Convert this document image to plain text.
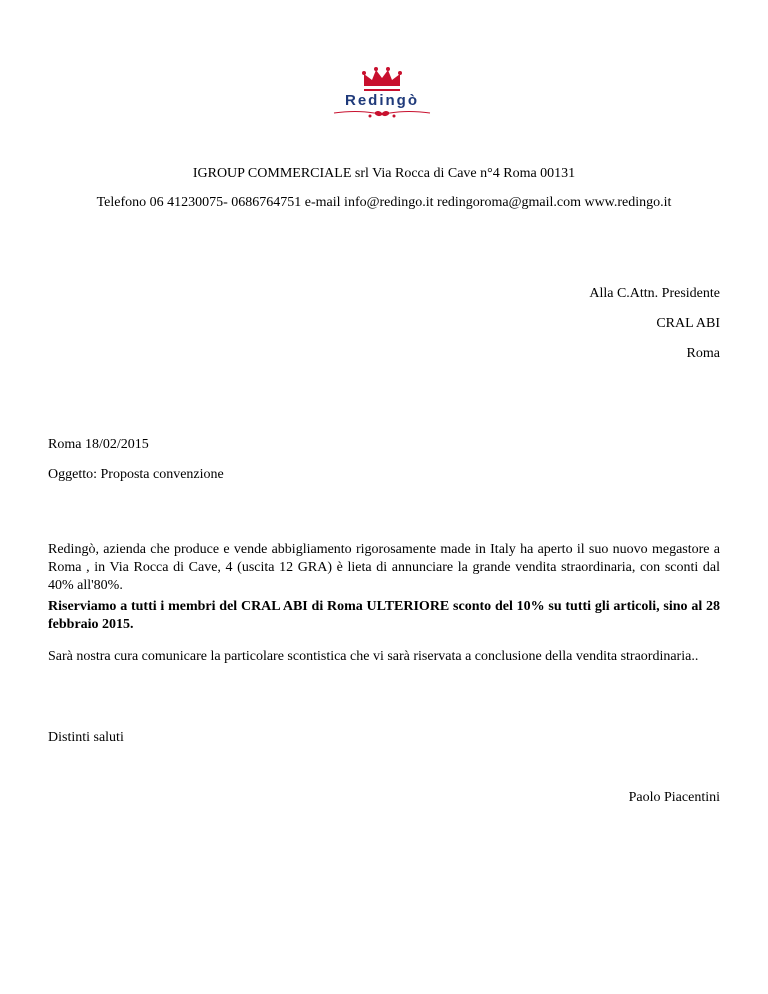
Redingò
IGROUP COMMERCIALE srl Via Rocca di Cave n°4 Roma 00131
Telefono 06 41230075- 0686764751 e-mail info@redingo.it redingoroma@gmail.com www.redingo.it
Alla C.Attn. Presidente
CRAL ABI
Roma
Roma 18/02/2015
Oggetto: Proposta convenzione
Redingò, azienda che produce e vende abbigliamento rigorosamente made in Italy ha aperto il suo nuovo megastore a Roma , in Via Rocca di Cave, 4 (uscita 12 GRA) è lieta di annunciare la grande vendita straordinaria, con sconti dal 40% all'80%.
Riserviamo a tutti i membri del CRAL ABI di Roma ULTERIORE sconto del 10% su tutti gli articoli, sino al 28 febbraio 2015.
Sarà nostra cura comunicare la particolare scontistica che vi sarà riservata a conclusione della vendita straordinaria..
Distinti saluti
Paolo Piacentini
